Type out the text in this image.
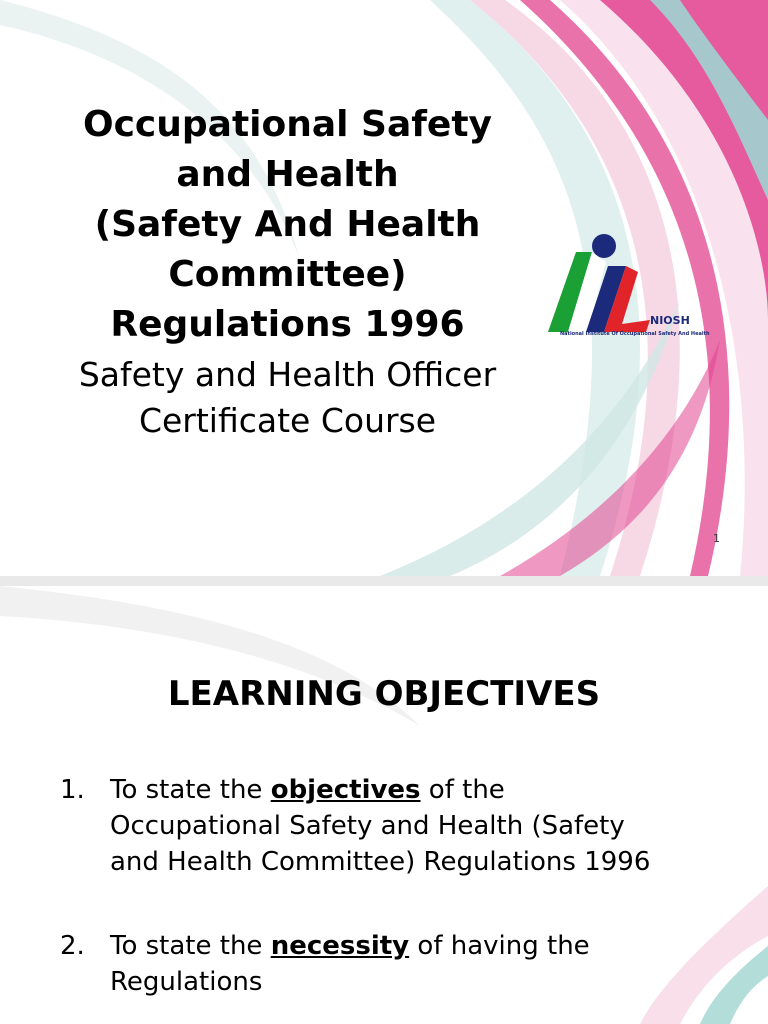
Occupational Safety
and Health
(Safety And Health
Committee)
Regulations 1996
Safety and Health Officer
Certificate Course
NIOSH
National Institute Of Occupational Safety And Health
1
LEARNING OBJECTIVES
1. To state the objectives of the
Occupational Safety and Health (Safety
and Health Committee) Regulations 1996
2. To state the necessity of having the
Regulations
